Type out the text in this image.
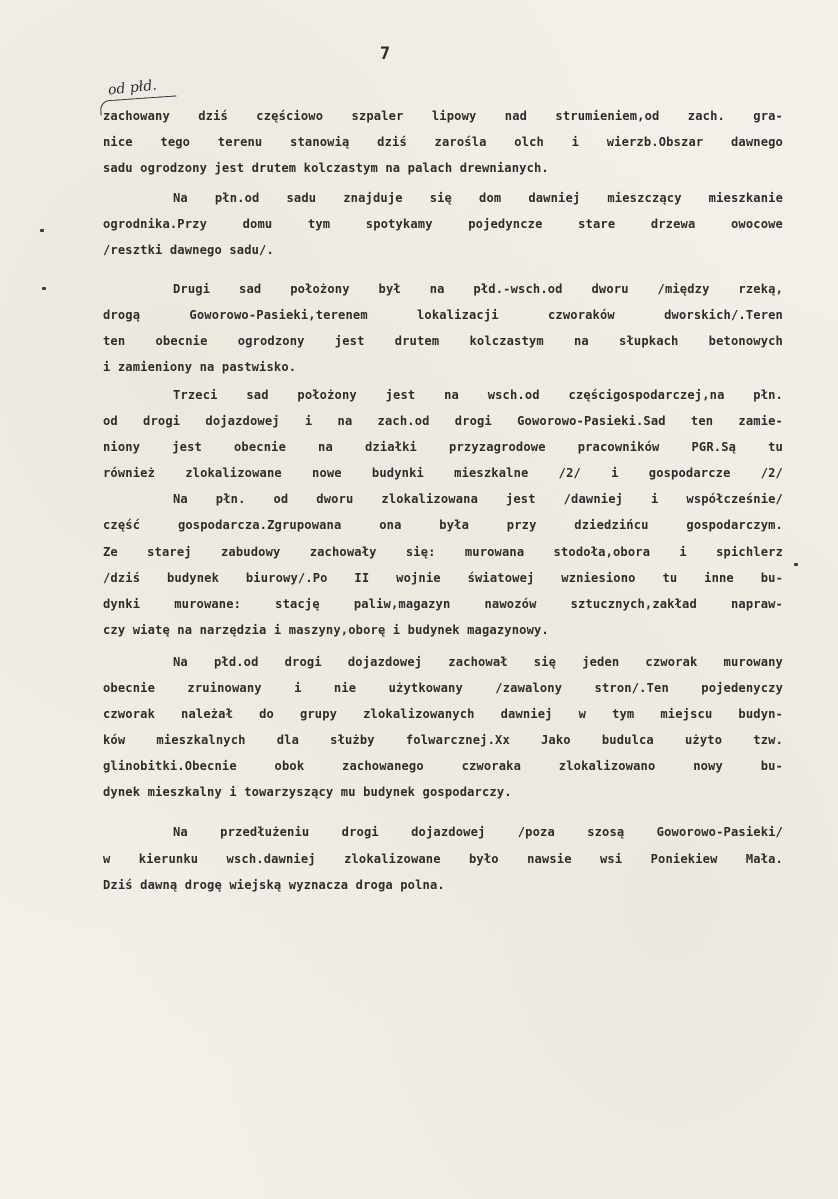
7
od płd.
zachowany dziś częściowo szpaler lipowy nad strumieniem,od zach. gra-
nice tego terenu stanowią dziś zarośla olch i wierzb.Obszar dawnego
sadu ogrodzony jest drutem kolczastym na palach drewnianych.
Na płn.od sadu znajduje się dom dawniej mieszczący mieszkanie
ogrodnika.Przy domu tym spotykamy pojedyncze stare drzewa owocowe
/resztki dawnego sadu/.
Drugi sad położony był na płd.-wsch.od dworu /między rzeką,
drogą Goworowo-Pasieki,terenem lokalizacji czworaków dworskich/.Teren
ten obecnie ogrodzony jest drutem kolczastym na słupkach betonowych
i zamieniony na pastwisko.
Trzeci sad położony jest na wsch.od częścigospodarczej,na płn.
od drogi dojazdowej i na zach.od drogi Goworowo-Pasieki.Sad ten zamie-
niony jest obecnie na działki przyzagrodowe pracowników PGR.Są tu
również zlokalizowane nowe budynki mieszkalne /2/ i gospodarcze /2/
Na płn. od dworu zlokalizowana jest /dawniej i współcześnie/
część gospodarcza.Zgrupowana ona była przy dziedzińcu gospodarczym.
Ze starej zabudowy zachowały się: murowana stodoła,obora i spichlerz
/dziś budynek biurowy/.Po II wojnie światowej wzniesiono tu inne bu-
dynki murowane: stację paliw,magazyn nawozów sztucznych,zakład napraw-
czy wiatę na narzędzia i maszyny,oborę i budynek magazynowy.
Na płd.od drogi dojazdowej zachował się jeden czworak murowany
obecnie zruinowany i nie użytkowany /zawalony stron/.Ten pojedenyczy
czworak należał do grupy zlokalizowanych dawniej w tym miejscu budyn-
ków mieszkalnych dla służby folwarcznej.Xx Jako budulca użyto tzw.
glinobitki.Obecnie obok zachowanego czworaka zlokalizowano nowy bu-
dynek mieszkalny i towarzyszący mu budynek gospodarczy.
Na przedłużeniu drogi dojazdowej /poza szosą Goworowo-Pasieki/
w kierunku wsch.dawniej zlokalizowane było nawsie wsi Poniekiew Mała.
Dziś dawną drogę wiejską wyznacza droga polna.
